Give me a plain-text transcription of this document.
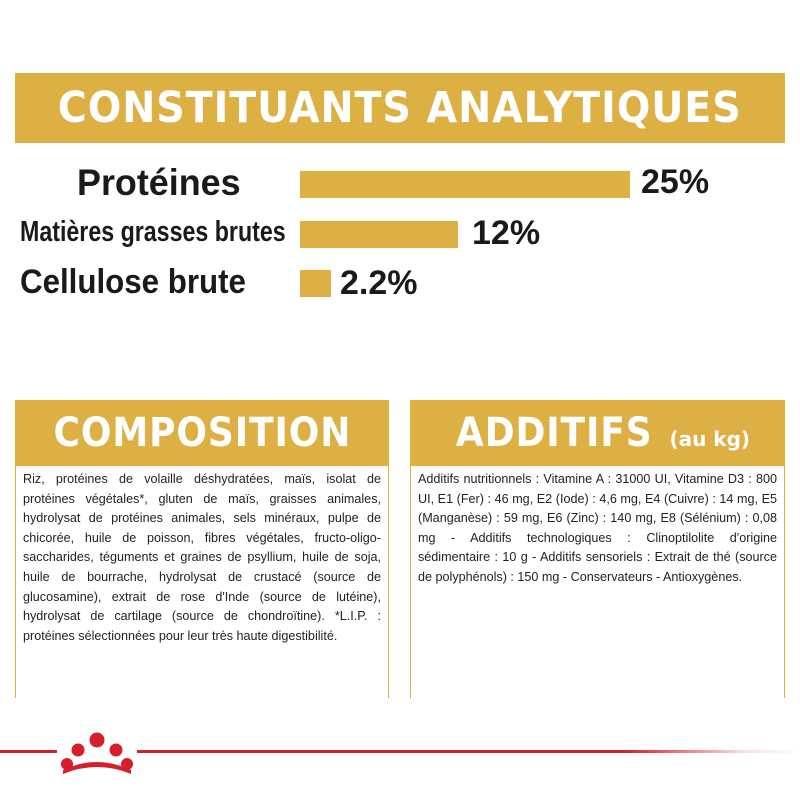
CONSTITUANTS ANALYTIQUES
Protéines	25%
Matières grasses brutes	12%
Cellulose brute	2.2%
COMPOSITION

Riz, protéines de volaille déshydratées, maïs, isolat de protéines végétales*, gluten de maïs, graisses animales, hydrolysat de protéines animales, sels minéraux, pulpe de chicorée, huile de poisson, fibres végétales, fructo-oligo-saccharides, téguments et graines de psyllium, huile de soja, huile de bourrache, hydrolysat de crustacé (source de glucosamine), extrait de rose d'Inde (source de lutéine), hydrolysat de cartilage (source de chondroïtine). *L.I.P. : protéines sélectionnées pour leur très haute digestibilité.

ADDITIFS (au kg)

Additifs nutritionnels : Vitamine A : 31000 UI, Vitamine D3 : 800 UI, E1 (Fer) : 46 mg, E2 (Iode) : 4,6 mg, E4 (Cuivre) : 14 mg, E5 (Manganèse) : 59 mg, E6 (Zinc) : 140 mg, E8 (Sélénium) : 0,08 mg - Additifs technologiques : Clinoptilolite d'origine sédimentaire : 10 g - Additifs sensoriels : Extrait de thé (source de polyphénols) : 150 mg - Conservateurs - Antioxygènes.
